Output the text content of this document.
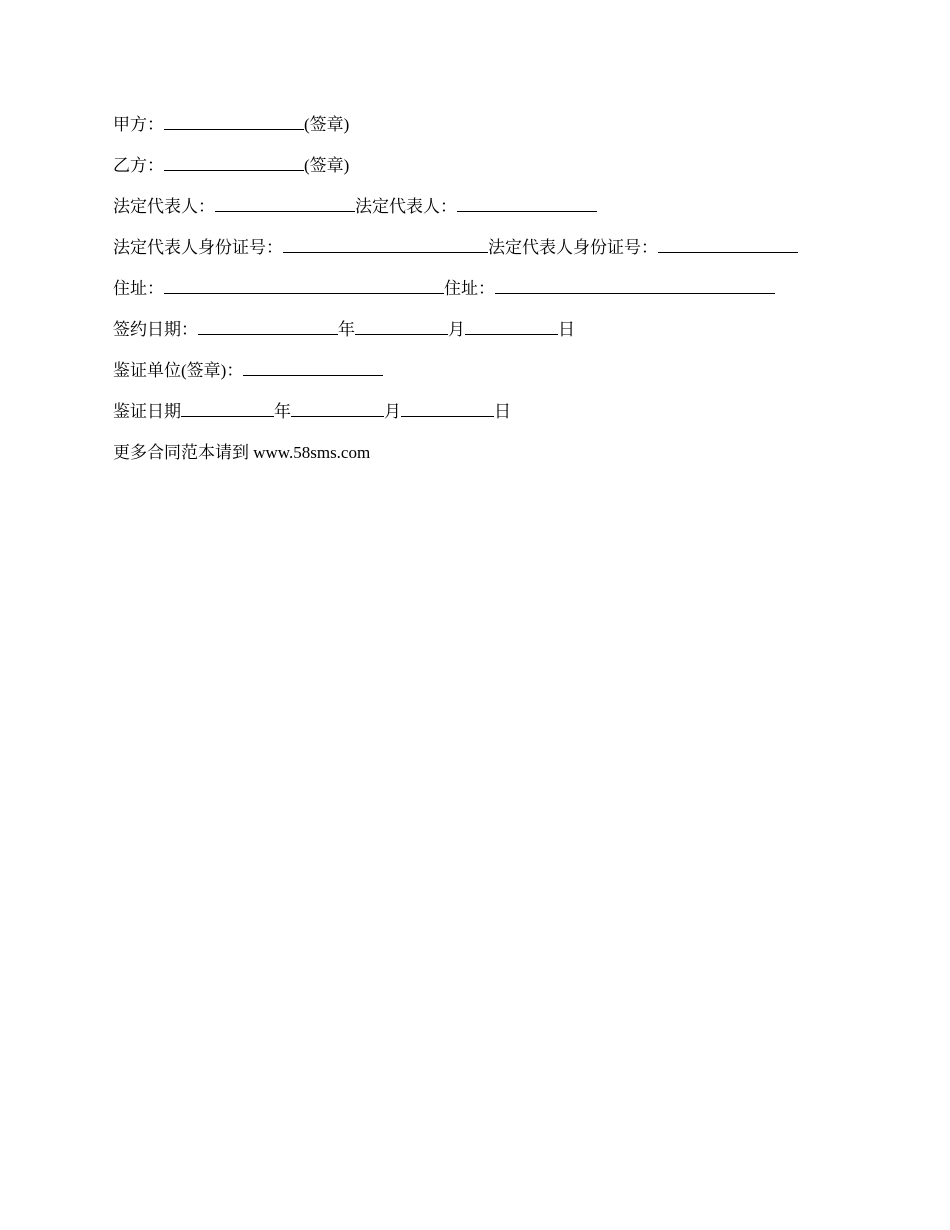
甲方：	(签章)
乙方：	(签章)
法定代表人：	法定代表人：
法定代表人身份证号：	法定代表人身份证号：
住址：	住址：
签约日期：	年	月	日
鉴证单位(签章)：
鉴证日期	年	月	日
更多合同范本请到 www.58sms.com
